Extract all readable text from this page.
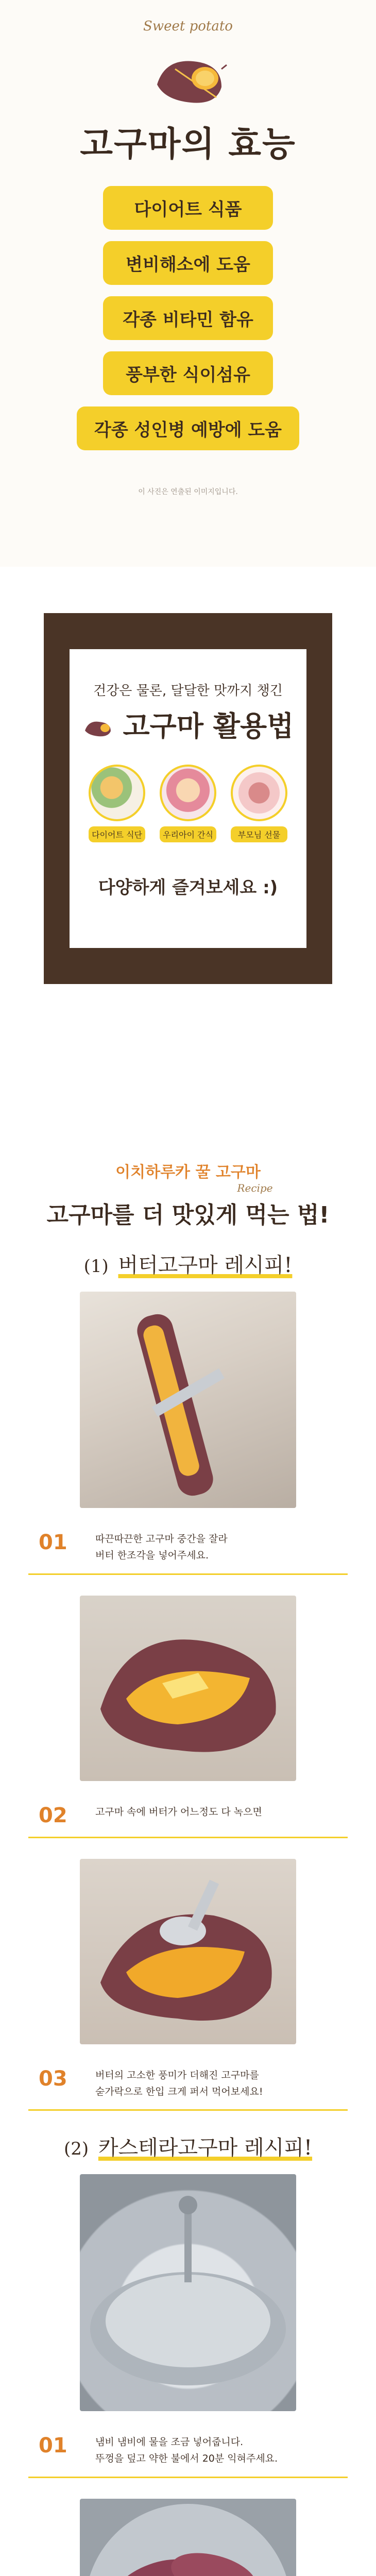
Sweet potato
고구마의 효능
다이어트 식품
변비해소에 도움
각종 비타민 함유
풍부한 식이섬유
각종 성인병 예방에 도움
이 사진은 연출된 이미지입니다.
건강은 물론, 달달한 맛까지 챙긴
고구마 활용법
다이어트 식단	우리아이 간식	부모님 선물
다양하게 즐겨보세요 :)
이치하루카 꿀 고구마
Recipe
고구마를 더 맛있게 먹는 법!
(1) 버터고구마 레시피!
01	따끈따끈한 고구마 중간을 잘라
버터 한조각을 넣어주세요.
02	고구마 속에 버터가 어느정도 다 녹으면
03	버터의 고소한 풍미가 더해진 고구마를
숟가락으로 한입 크게 퍼서 먹어보세요!
(2) 카스테라고구마 레시피!
01	냄비 냄비에 물을 조금 넣어줍니다.
뚜껑을 덮고 약한 불에서 20분 익혀주세요.
